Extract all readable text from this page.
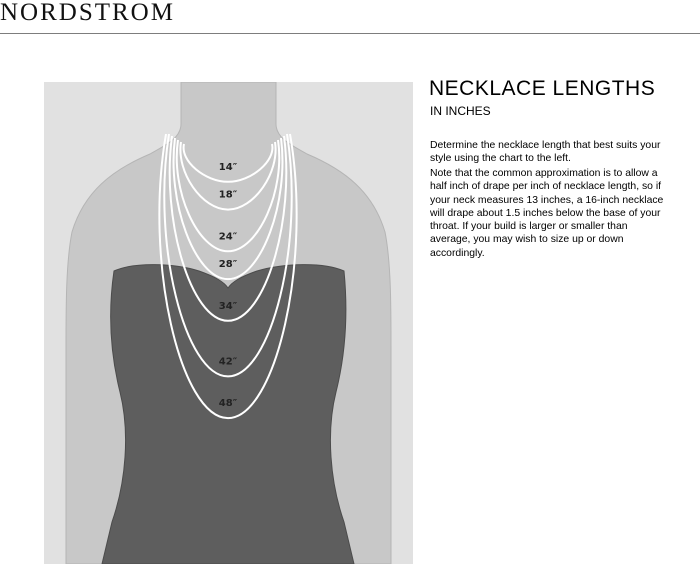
NORDSTROM
14″
18″
24″
28″
34″
42″
48″
NECKLACE LENGTHS
IN INCHES

Determine the necklace length that best suits your style using the chart to the left.

Note that the common approximation is to allow a half inch of drape per inch of necklace length, so if your neck measures 13 inches, a 16-inch necklace will drape about 1.5 inches below the base of your throat. If your build is larger or smaller than average, you may wish to size up or down accordingly.
